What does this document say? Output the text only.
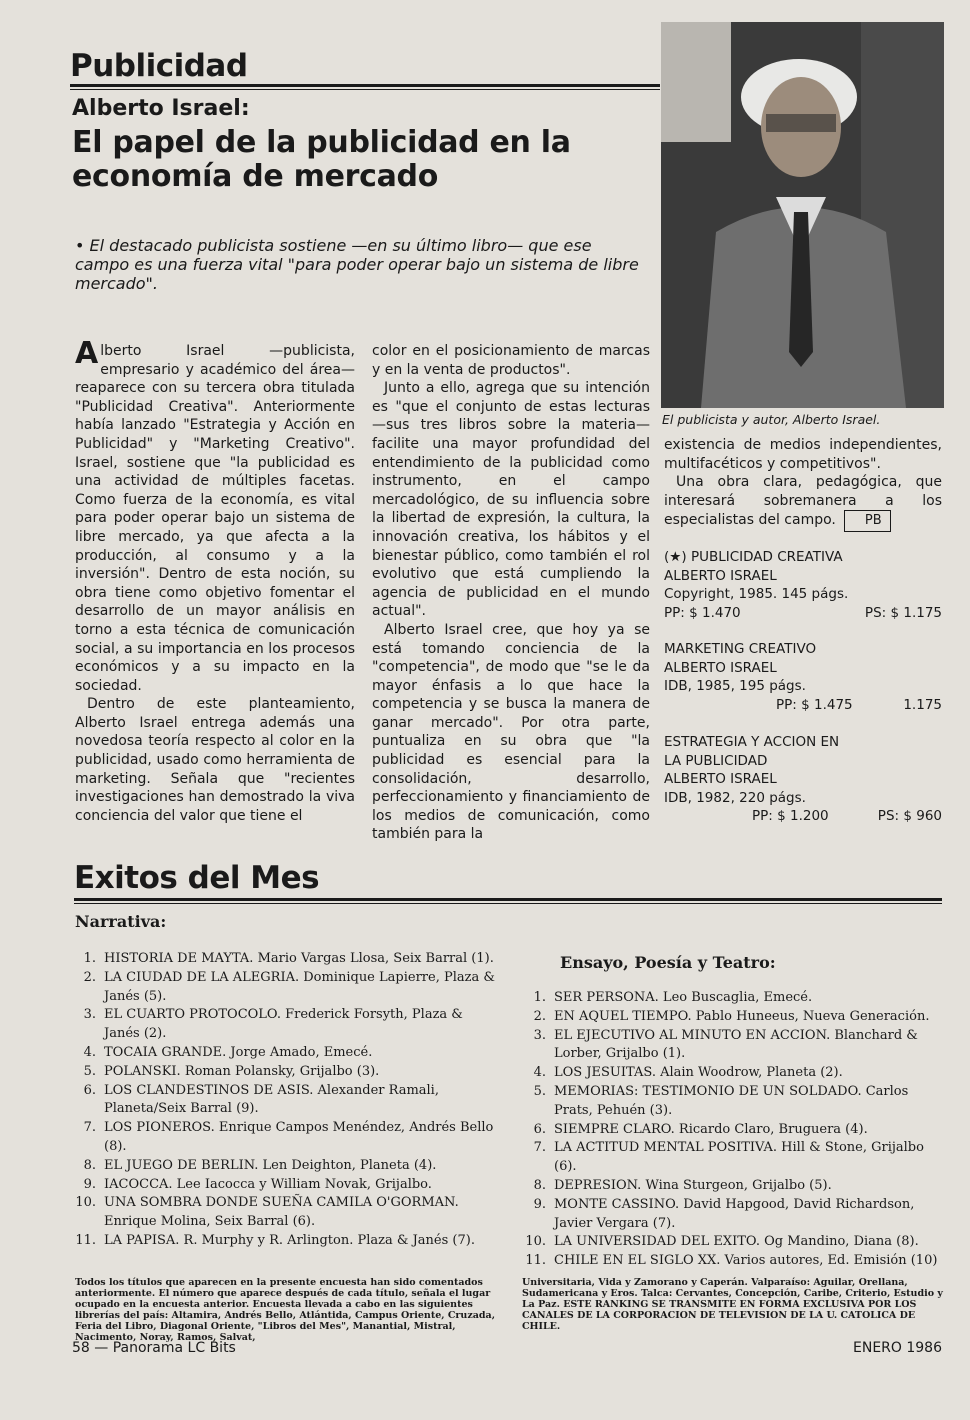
Publicidad
Alberto Israel:
El papel de la publicidad en la economía de mercado
• El destacado publicista sostiene —en su último libro— que ese campo es una fuerza vital "para poder operar bajo un sistema de libre mercado".
El publicista y autor, Alberto Israel.

Alberto Israel —publicista, empresario y académico del área— reaparece con su tercera obra titulada "Publicidad Creativa". Anteriormente había lanzado "Estrategia y Acción en Publicidad" y "Marketing Creativo". Israel, sostiene que "la publicidad es una actividad de múltiples facetas. Como fuerza de la economía, es vital para poder operar bajo un sistema de libre mercado, ya que afecta a la producción, al consumo y a la inversión". Dentro de esta noción, su obra tiene como objetivo fomentar el desarrollo de un mayor análisis en torno a esta técnica de comunicación social, a su importancia en los procesos económicos y a su impacto en la sociedad.

Dentro de este planteamiento, Alberto Israel entrega además una novedosa teoría respecto al color en la publicidad, usado como herramienta de marketing. Señala que "recientes investigaciones han demostrado la viva conciencia del valor que tiene el

color en el posicionamiento de marcas y en la venta de productos".

Junto a ello, agrega que su intención es "que el conjunto de estas lecturas —sus tres libros sobre la materia— facilite una mayor profundidad del entendimiento de la publicidad como instrumento, en el campo mercadológico, de su influencia sobre la libertad de expresión, la cultura, la innovación creativa, los hábitos y el bienestar público, como también el rol evolutivo que está cumpliendo la agencia de publicidad en el mundo actual".

Alberto Israel cree, que hoy ya se está tomando conciencia de la "competencia", de modo que "se le da mayor énfasis a lo que hace la competencia y se busca la manera de ganar mercado". Por otra parte, puntualiza en su obra que "la publicidad es esencial para la consolidación, desarrollo, perfeccionamiento y financiamiento de los medios de comunicación, como también para la

existencia de medios independientes, multifacéticos y competitivos".

Una obra clara, pedagógica, que interesará sobremanera a los especialistas del campo. PB

(★) PUBLICIDAD CREATIVA
ALBERTO ISRAEL
Copyright, 1985. 145 págs.
PP: $ 1.470	PS: $ 1.175
MARKETING CREATIVO
ALBERTO ISRAEL
IDB, 1985, 195 págs.
PP: $ 1.475	1.175
ESTRATEGIA Y ACCION EN
LA PUBLICIDAD
ALBERTO ISRAEL
IDB, 1982, 220 págs.
PP: $ 1.200	PS: $ 960
Exitos del Mes
Narrativa:
1. HISTORIA DE MAYTA. Mario Vargas Llosa, Seix Barral (1).
2. LA CIUDAD DE LA ALEGRIA. Dominique Lapierre, Plaza & Janés (5).
3. EL CUARTO PROTOCOLO. Frederick Forsyth, Plaza & Janés (2).
4. TOCAIA GRANDE. Jorge Amado, Emecé.
5. POLANSKI. Roman Polansky, Grijalbo (3).
6. LOS CLANDESTINOS DE ASIS. Alexander Ramali, Planeta/Seix Barral (9).
7. LOS PIONEROS. Enrique Campos Menéndez, Andrés Bello (8).
8. EL JUEGO DE BERLIN. Len Deighton, Planeta (4).
9. IACOCCA. Lee Iacocca y William Novak, Grijalbo.
10. UNA SOMBRA DONDE SUEÑA CAMILA O'GORMAN. Enrique Molina, Seix Barral (6).
11. LA PAPISA. R. Murphy y R. Arlington. Plaza & Janés (7).
Ensayo, Poesía y Teatro:
1. SER PERSONA. Leo Buscaglia, Emecé.
2. EN AQUEL TIEMPO. Pablo Huneeus, Nueva Generación.
3. EL EJECUTIVO AL MINUTO EN ACCION. Blanchard & Lorber, Grijalbo (1).
4. LOS JESUITAS. Alain Woodrow, Planeta (2).
5. MEMORIAS: TESTIMONIO DE UN SOLDADO. Carlos Prats, Pehuén (3).
6. SIEMPRE CLARO. Ricardo Claro, Bruguera (4).
7. LA ACTITUD MENTAL POSITIVA. Hill & Stone, Grijalbo (6).
8. DEPRESION. Wina Sturgeon, Grijalbo (5).
9. MONTE CASSINO. David Hapgood, David Richardson, Javier Vergara (7).
10. LA UNIVERSIDAD DEL EXITO. Og Mandino, Diana (8).
11. CHILE EN EL SIGLO XX. Varios autores, Ed. Emisión (10)
Todos los títulos que aparecen en la presente encuesta han sido comentados anteriormente. El número que aparece después de cada título, señala el lugar ocupado en la encuesta anterior. Encuesta llevada a cabo en las siguientes librerías del país: Altamira, Andrés Bello, Atlántida, Campus Oriente, Cruzada, Feria del Libro, Diagonal Oriente, "Libros del Mes", Manantial, Mistral, Nacimento, Noray, Ramos, Salvat,
Universitaria, Vida y Zamorano y Caperán. Valparaíso: Aguilar, Orellana, Sudamericana y Eros. Talca: Cervantes, Concepción, Caribe, Criterio, Estudio y La Paz. ESTE RANKING SE TRANSMITE EN FORMA EXCLUSIVA POR LOS CANALES DE LA CORPORACION DE TELEVISION DE LA U. CATOLICA DE CHILE.
58 — Panorama LC Bits	ENERO 1986
